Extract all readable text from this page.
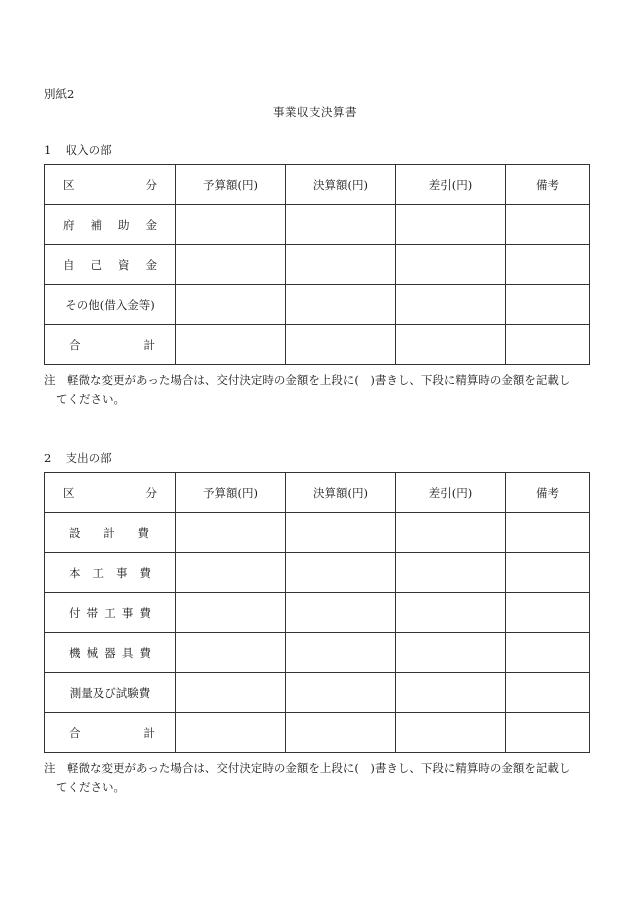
別紙2
事業収支決算書
1 収入の部
区 分	予算額(円)	決算額(円)	差引(円)	備考

府 補 助 金				

自 己 資 金				

その他(借入金等)				

合 計				

注　軽微な変更があった場合は、交付決定時の金額を上段に(　)書きし、下段に精算時の金額を記載し
てください。
2 支出の部
区 分	予算額(円)	決算額(円)	差引(円)	備考

設 計 費				

本 工 事 費				

付 帯 工 事 費				

機 械 器 具 費				

測量及び試験費				

合 計				

注　軽微な変更があった場合は、交付決定時の金額を上段に(　)書きし、下段に精算時の金額を記載し
てください。
